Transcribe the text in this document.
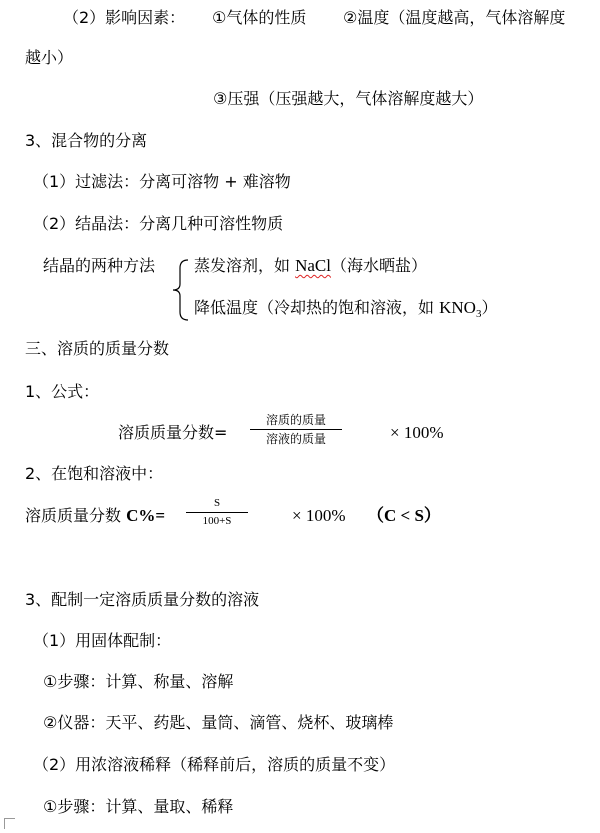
（2）影响因素： ①气体的性质 ②温度（温度越高，气体溶解度
越小）
③压强（压强越大，气体溶解度越大）
3、混合物的分离
（1）过滤法：分离可溶物 + 难溶物
（2）结晶法：分离几种可溶性物质
结晶的两种方法 蒸发溶剂，如 NaCl（海水晒盐）
降低温度（冷却热的饱和溶液，如 $KNO_3$）
三、溶质的质量分数
1、公式：
溶质质量分数=
溶质的质量
溶液的质量	× 100%
2、在饱和溶液中：
溶质质量分数 C%=
S
100+S	× 100% （C < S）
3、配制一定溶质质量分数的溶液
（1）用固体配制：
①步骤：计算、称量、溶解
②仪器：天平、药匙、量筒、滴管、烧杯、玻璃棒
（2）用浓溶液稀释（稀释前后，溶质的质量不变）
①步骤：计算、量取、稀释
